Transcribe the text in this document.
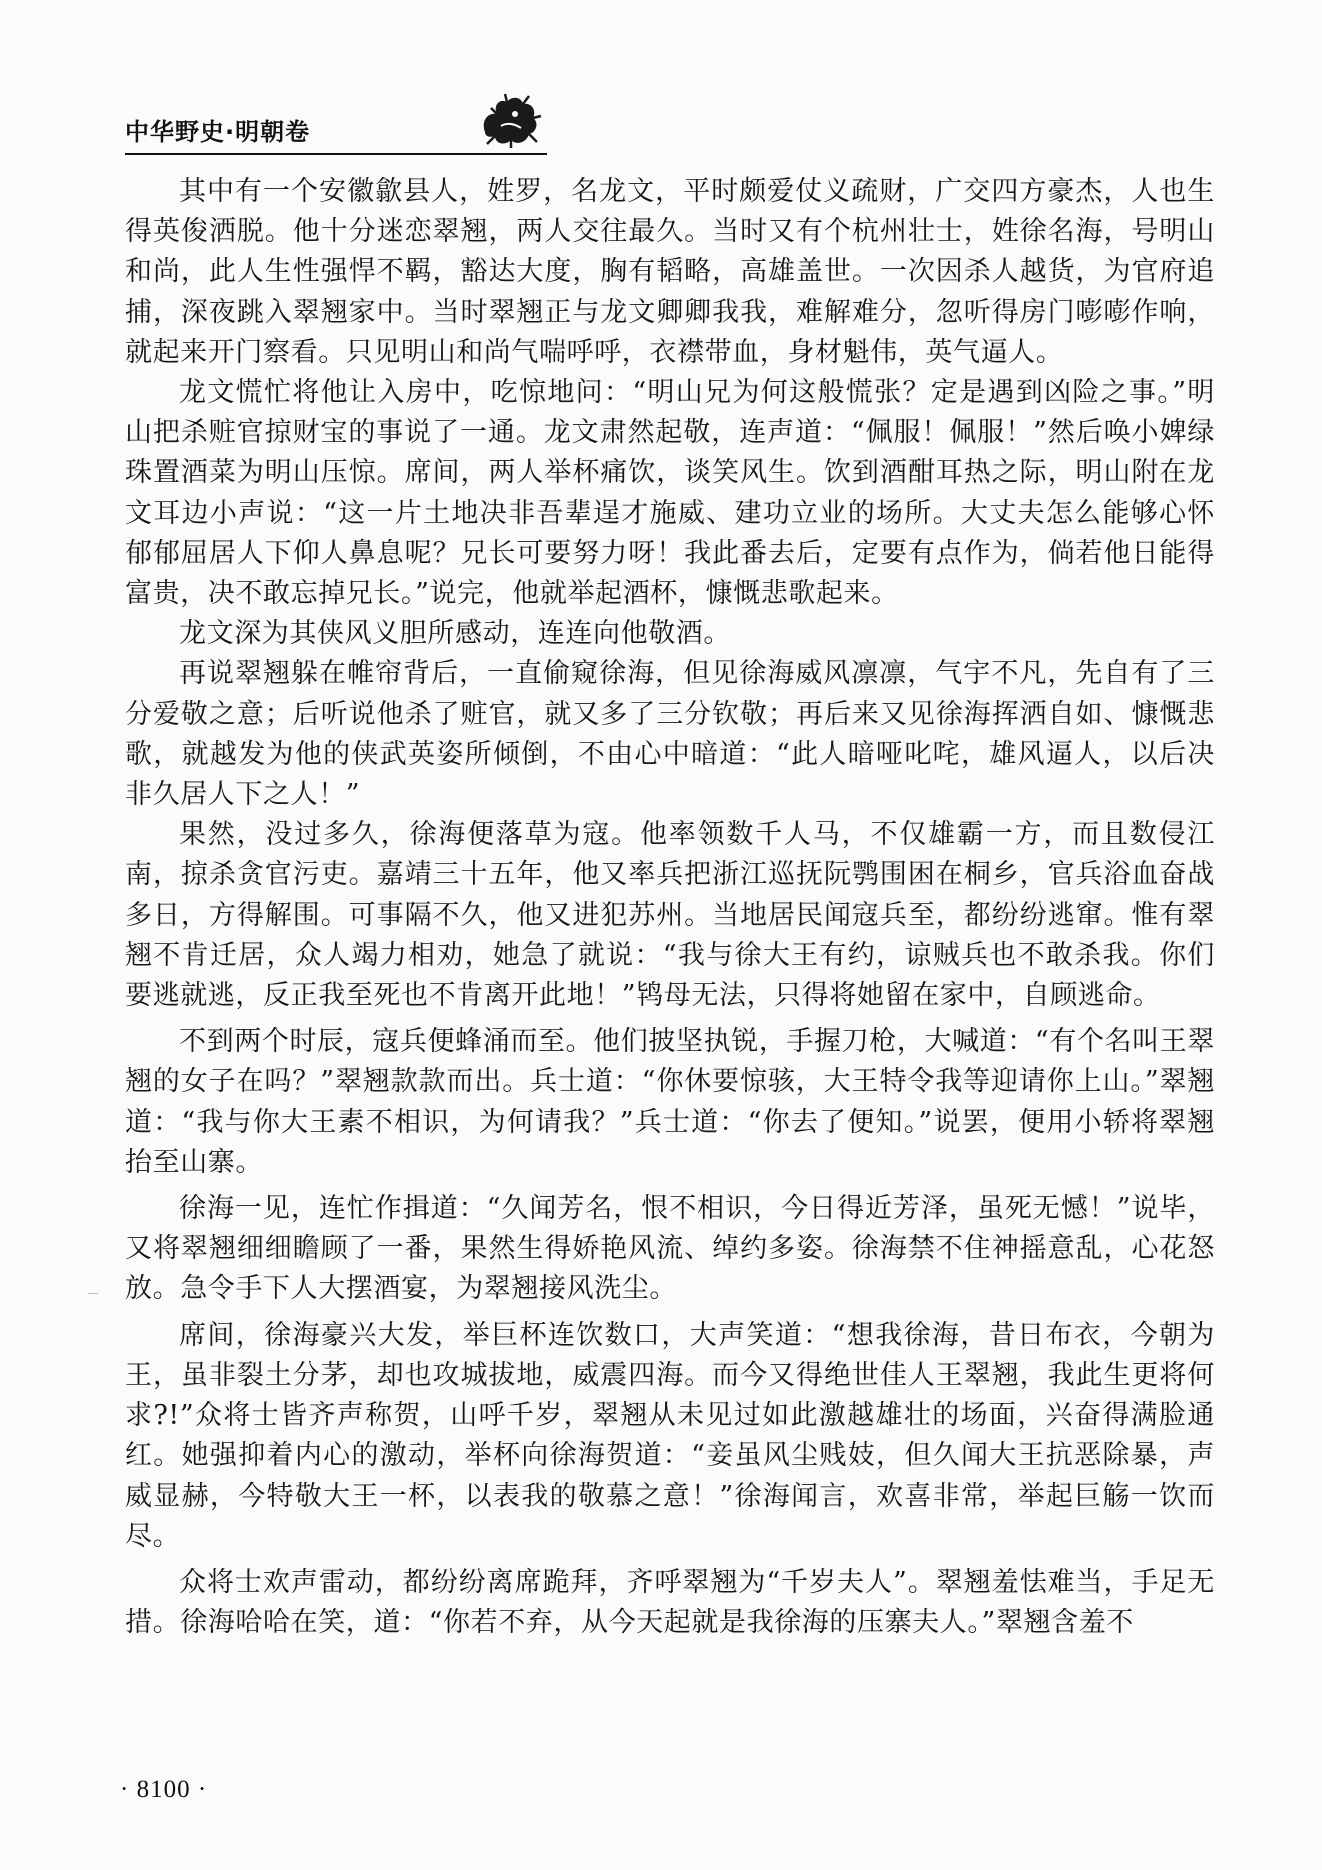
中华野史·明朝卷

其中有一个安徽歙县人，姓罗，名龙文，平时颇爱仗义疏财，广交四方豪杰，人也生得英俊洒脱。他十分迷恋翠翘，两人交往最久。当时又有个杭州壮士，姓徐名海，号明山和尚，此人生性强悍不羁，豁达大度，胸有韬略，高雄盖世。一次因杀人越货，为官府追捕，深夜跳入翠翘家中。当时翠翘正与龙文卿卿我我，难解难分，忽听得房门嘭嘭作响，就起来开门察看。只见明山和尚气喘呼呼，衣襟带血，身材魁伟，英气逼人。

龙文慌忙将他让入房中，吃惊地问：“明山兄为何这般慌张？定是遇到凶险之事。”明山把杀赃官掠财宝的事说了一通。龙文肃然起敬，连声道：“佩服！佩服！”然后唤小婢绿珠置酒菜为明山压惊。席间，两人举杯痛饮，谈笑风生。饮到酒酣耳热之际，明山附在龙文耳边小声说：“这一片土地决非吾辈逞才施威、建功立业的场所。大丈夫怎么能够心怀郁郁屈居人下仰人鼻息呢？兄长可要努力呀！我此番去后，定要有点作为，倘若他日能得富贵，决不敢忘掉兄长。”说完，他就举起酒杯，慷慨悲歌起来。

龙文深为其侠风义胆所感动，连连向他敬酒。

再说翠翘躲在帷帘背后，一直偷窥徐海，但见徐海威风凛凛，气宇不凡，先自有了三分爱敬之意；后听说他杀了赃官，就又多了三分钦敬；再后来又见徐海挥洒自如、慷慨悲歌，就越发为他的侠武英姿所倾倒，不由心中暗道：“此人暗哑叱咤，雄风逼人，以后决非久居人下之人！”

果然，没过多久，徐海便落草为寇。他率领数千人马，不仅雄霸一方，而且数侵江南，掠杀贪官污吏。嘉靖三十五年，他又率兵把浙江巡抚阮鹗围困在桐乡，官兵浴血奋战多日，方得解围。可事隔不久，他又进犯苏州。当地居民闻寇兵至，都纷纷逃窜。惟有翠翘不肯迁居，众人竭力相劝，她急了就说：“我与徐大王有约，谅贼兵也不敢杀我。你们要逃就逃，反正我至死也不肯离开此地！”鸨母无法，只得将她留在家中，自顾逃命。

不到两个时辰，寇兵便蜂涌而至。他们披坚执锐，手握刀枪，大喊道：“有个名叫王翠翘的女子在吗？”翠翘款款而出。兵士道：“你休要惊骇，大王特令我等迎请你上山。”翠翘道：“我与你大王素不相识，为何请我？”兵士道：“你去了便知。”说罢，便用小轿将翠翘抬至山寨。

徐海一见，连忙作揖道：“久闻芳名，恨不相识，今日得近芳泽，虽死无憾！”说毕，又将翠翘细细瞻顾了一番，果然生得娇艳风流、绰约多姿。徐海禁不住神摇意乱，心花怒放。急令手下人大摆酒宴，为翠翘接风洗尘。

席间，徐海豪兴大发，举巨杯连饮数口，大声笑道：“想我徐海，昔日布衣，今朝为王，虽非裂土分茅，却也攻城拔地，威震四海。而今又得绝世佳人王翠翘，我此生更将何求?!”众将士皆齐声称贺，山呼千岁，翠翘从未见过如此激越雄壮的场面，兴奋得满脸通红。她强抑着内心的激动，举杯向徐海贺道：“妾虽风尘贱妓，但久闻大王抗恶除暴，声威显赫，今特敬大王一杯，以表我的敬慕之意！”徐海闻言，欢喜非常，举起巨觞一饮而尽。

众将士欢声雷动，都纷纷离席跪拜，齐呼翠翘为“千岁夫人”。翠翘羞怯难当，手足无措。徐海哈哈在笑，道：“你若不弃，从今天起就是我徐海的压寨夫人。”翠翘含羞不

· 8100 ·
